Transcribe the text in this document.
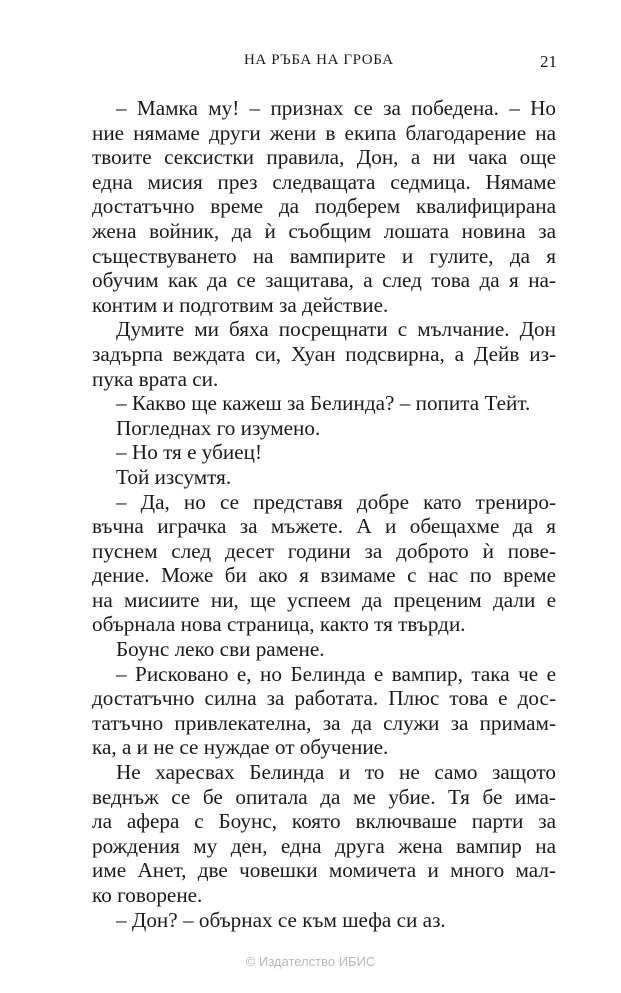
НА РЪБА НА ГРОБА	21
– Мамка му! – признах се за победена. – Но
ние нямаме други жени в екипа благодарение на
твоите сексистки правила, Дон, а ни чака още
една мисия през следващата седмица. Нямаме
достатъчно време да подберем квалифицирана
жена войник, да ѝ съобщим лошата новина за
съществуването на вампирите и гулите, да я
обучим как да се защитава, а след това да я на-
контим и подготвим за действие.
Думите ми бяха посрещнати с мълчание. Дон
задърпа веждата си, Хуан подсвирна, а Дейв из-
пука врата си.
– Какво ще кажеш за Белинда? – попита Тейт.
Погледнах го изумено.
– Но тя е убиец!
Той изсумтя.
– Да, но се представя добре като трениро-
въчна играчка за мъжете. А и обещахме да я
пуснем след десет години за доброто ѝ пове-
дение. Може би ако я взимаме с нас по време
на мисиите ни, ще успеем да преценим дали е
обърнала нова страница, както тя твърди.
Боунс леко сви рамене.
– Рисковано е, но Белинда е вампир, така че е
достатъчно силна за работата. Плюс това е дос-
татъчно привлекателна, за да служи за примам-
ка, а и не се нуждае от обучение.
Не харесвах Белинда и то не само защото
веднъж се бе опитала да ме убие. Тя бе има-
ла афера с Боунс, която включваше парти за
рождения му ден, една друга жена вампир на
име Анет, две човешки момичета и много мал-
ко говорене.
– Дон? – обърнах се към шефа си аз.
© Издателство ИБИС
